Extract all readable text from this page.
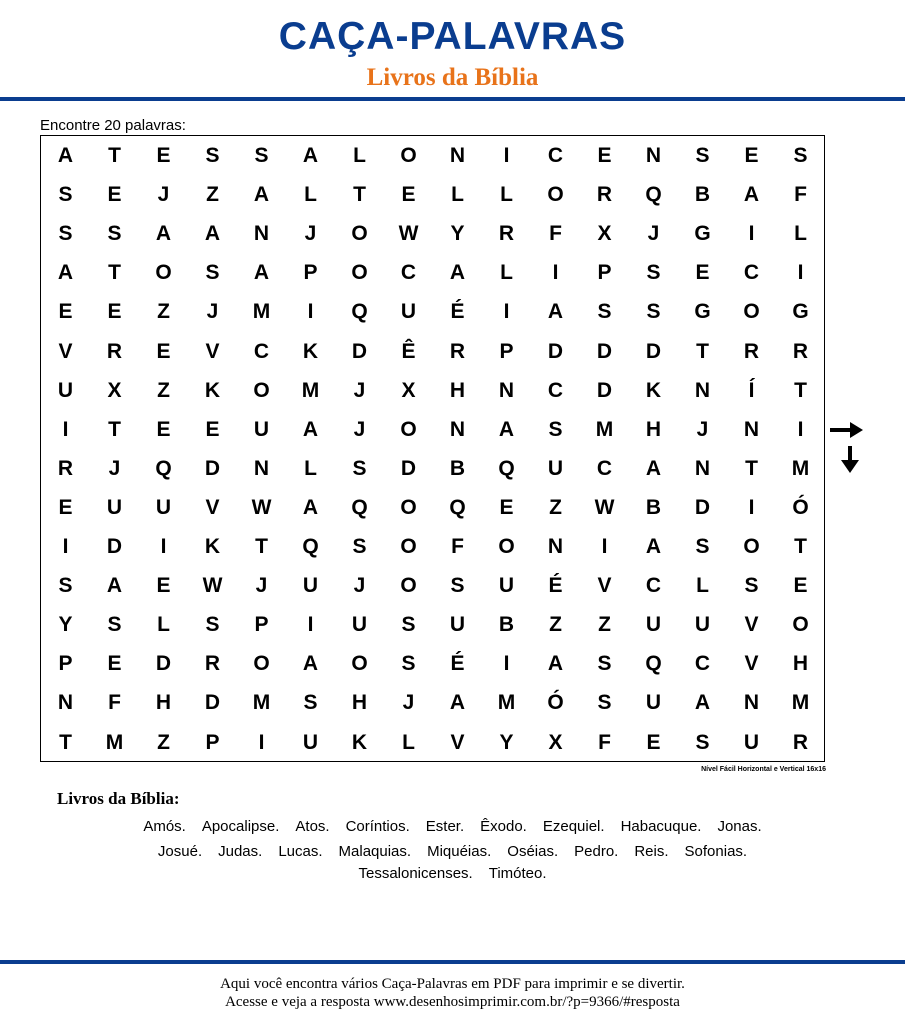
CAÇA-PALAVRAS
Livros da Bíblia
Encontre 20 palavras:
A	T	E	S	S	A	L	O	N	I	C	E	N	S	E	S
S	E	J	Z	A	L	T	E	L	L	O	R	Q	B	A	F
S	S	A	A	N	J	O	W	Y	R	F	X	J	G	I	L
A	T	O	S	A	P	O	C	A	L	I	P	S	E	C	I
E	E	Z	J	M	I	Q	U	É	I	A	S	S	G	O	G
V	R	E	V	C	K	D	Ê	R	P	D	D	D	T	R	R
U	X	Z	K	O	M	J	X	H	N	C	D	K	N	Í	T
I	T	E	E	U	A	J	O	N	A	S	M	H	J	N	I
R	J	Q	D	N	L	S	D	B	Q	U	C	A	N	T	M
E	U	U	V	W	A	Q	O	Q	E	Z	W	B	D	I	Ó
I	D	I	K	T	Q	S	O	F	O	N	I	A	S	O	T
S	A	E	W	J	U	J	O	S	U	É	V	C	L	S	E
Y	S	L	S	P	I	U	S	U	B	Z	Z	U	U	V	O
P	E	D	R	O	A	O	S	É	I	A	S	Q	C	V	H
N	F	H	D	M	S	H	J	A	M	Ó	S	U	A	N	M
T	M	Z	P	I	U	K	L	V	Y	X	F	E	S	U	R
Nível Fácil Horizontal e Vertical 16x16
Livros da Bíblia:
Amós. Apocalipse. Atos. Coríntios. Ester. Êxodo. Ezequiel. Habacuque. Jonas.
Josué. Judas. Lucas. Malaquias. Miquéias. Oséias. Pedro. Reis. Sofonias.
Tessalonicenses. Timóteo.
Aqui você encontra vários Caça-Palavras em PDF para imprimir e se divertir.
Acesse e veja a resposta www.desenhosimprimir.com.br/?p=9366/#resposta
